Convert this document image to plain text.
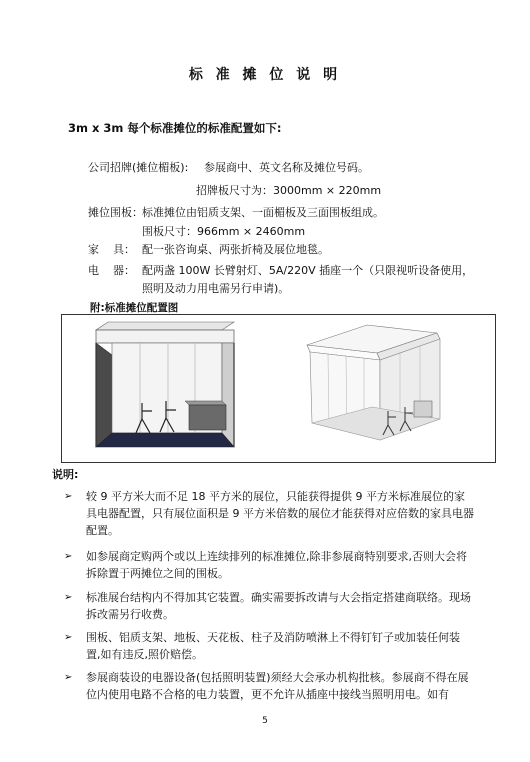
标 准 摊 位 说 明
3m x 3m 每个标准摊位的标准配置如下:
公司招牌(摊位楣板): 参展商中、英文名称及摊位号码。
招牌板尺寸为：3000mm × 220mm
摊位围板： 标准摊位由铝质支架、一面楣板及三面围板组成。
围板尺寸：966mm × 2460mm
家    具： 配一张咨询桌、两张折椅及展位地毯。
电    器： 配两盏 100W 长臂射灯、5A/220V 插座一个（只限视听设备使用，
照明及动力用电需另行申请)。
附:标准摊位配置图
说明:
➢ 较 9 平方米大而不足 18 平方米的展位，只能获得提供 9 平方米标准展位的家具电器配置，只有展位面积是 9 平方米倍数的展位才能获得对应倍数的家具电器配置。
➢ 如参展商定购两个或以上连续排列的标准摊位,除非参展商特别要求,否则大会将拆除置于两摊位之间的围板。
➢ 标准展台结构内不得加其它装置。确实需要拆改请与大会指定搭建商联络。现场拆改需另行收费。
➢ 围板、铝质支架、地板、天花板、柱子及消防喷淋上不得钉钉子或加装任何装置,如有违反,照价赔偿。
➢ 参展商装设的电器设备(包括照明装置)须经大会承办机构批核。参展商不得在展位内使用电路不合格的电力装置，更不允许从插座中接线当照明用电。如有
5
